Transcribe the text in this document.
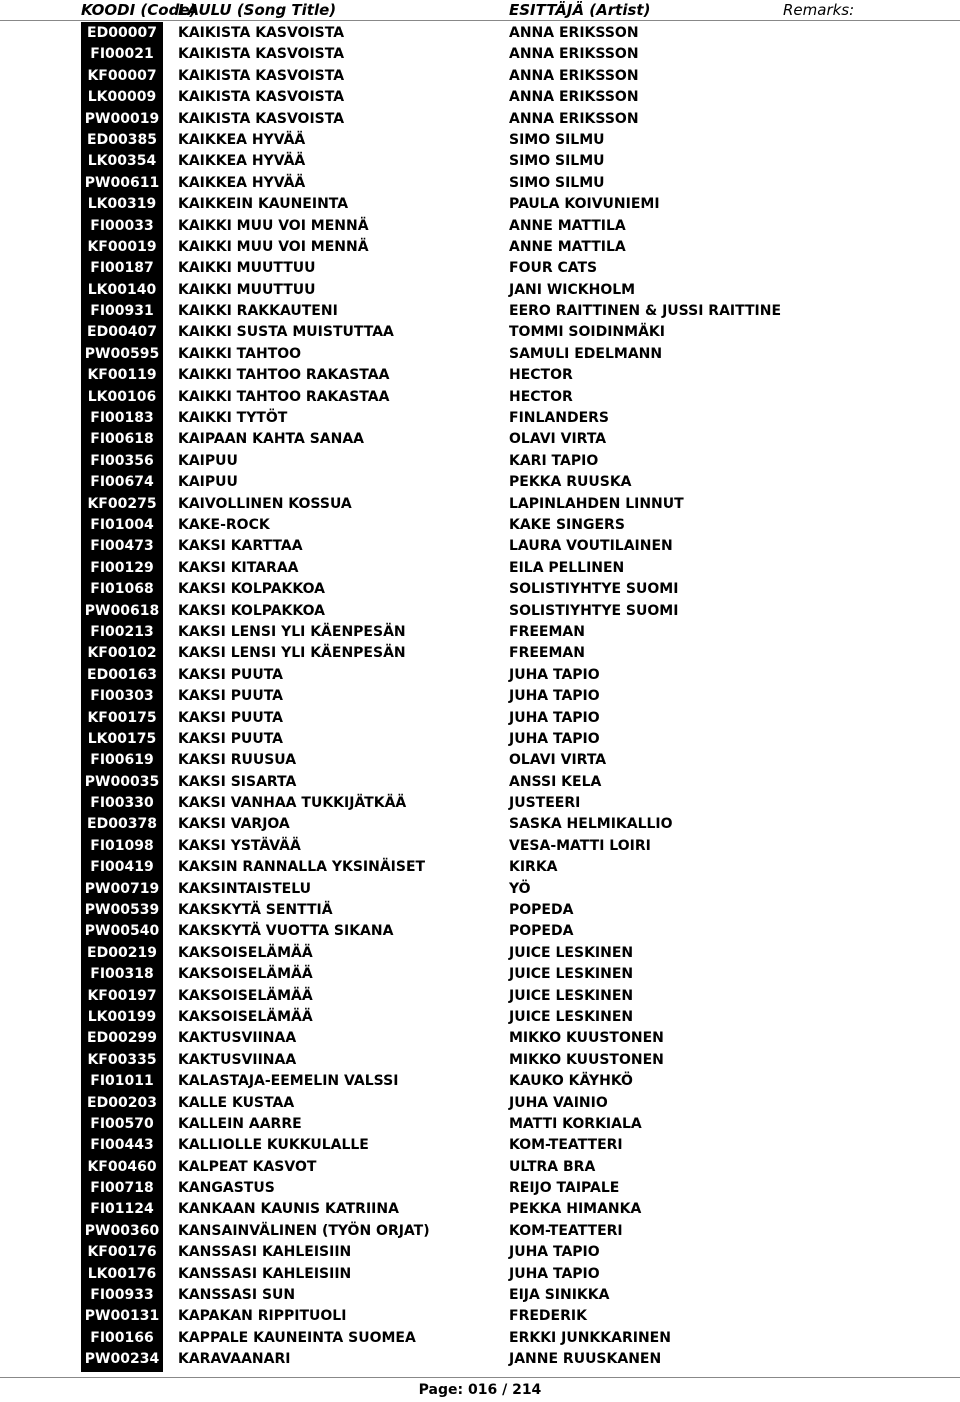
KOODI (Code)
LAULU (Song Title)	ESITTÄJÄ (Artist)	Remarks:
ED00007	KAIKISTA KASVOISTA	ANNA ERIKSSON
FI00021	KAIKISTA KASVOISTA	ANNA ERIKSSON
KF00007	KAIKISTA KASVOISTA	ANNA ERIKSSON
LK00009	KAIKISTA KASVOISTA	ANNA ERIKSSON
PW00019 KAIKISTA KASVOISTA	ANNA ERIKSSON
ED00385	KAIKKEA HYVÄÄ	SIMO SILMU
LK00354	KAIKKEA HYVÄÄ	SIMO SILMU
PW00611 KAIKKEA HYVÄÄ	SIMO SILMU
LK00319	KAIKKEIN KAUNEINTA	PAULA KOIVUNIEMI
FI00033	KAIKKI MUU VOI MENNÄ	ANNE MATTILA
KF00019	KAIKKI MUU VOI MENNÄ	ANNE MATTILA
FI00187	KAIKKI MUUTTUU	FOUR CATS
LK00140	KAIKKI MUUTTUU	JANI WICKHOLM
FI00931	KAIKKI RAKKAUTENI	EERO RAITTINEN & JUSSI RAITTINE
ED00407	KAIKKI SUSTA MUISTUTTAA	TOMMI SOIDINMÄKI
PW00595 KAIKKI TAHTOO	SAMULI EDELMANN
KF00119	KAIKKI TAHTOO RAKASTAA	HECTOR
LK00106	KAIKKI TAHTOO RAKASTAA	HECTOR
FI00183	KAIKKI TYTÖT	FINLANDERS
FI00618	KAIPAAN KAHTA SANAA	OLAVI VIRTA
FI00356	KAIPUU	KARI TAPIO
FI00674	KAIPUU	PEKKA RUUSKA
KF00275	KAIVOLLINEN KOSSUA	LAPINLAHDEN LINNUT
FI01004	KAKE-ROCK	KAKE SINGERS
FI00473	KAKSI KARTTAA	LAURA VOUTILAINEN
FI00129	KAKSI KITARAA	EILA PELLINEN
FI01068	KAKSI KOLPAKKOA	SOLISTIYHTYE SUOMI
PW00618 KAKSI KOLPAKKOA	SOLISTIYHTYE SUOMI
FI00213	KAKSI LENSI YLI KÄENPESÄN	FREEMAN
KF00102	KAKSI LENSI YLI KÄENPESÄN	FREEMAN
ED00163	KAKSI PUUTA	JUHA TAPIO
FI00303	KAKSI PUUTA	JUHA TAPIO
KF00175	KAKSI PUUTA	JUHA TAPIO
LK00175	KAKSI PUUTA	JUHA TAPIO
FI00619	KAKSI RUUSUA	OLAVI VIRTA
PW00035 KAKSI SISARTA	ANSSI KELA
FI00330	KAKSI VANHAA TUKKIJÄTKÄÄ	JUSTEERI
ED00378	KAKSI VARJOA	SASKA HELMIKALLIO
FI01098	KAKSI YSTÄVÄÄ	VESA-MATTI LOIRI
FI00419	KAKSIN RANNALLA YKSINÄISET	KIRKA
PW00719 KAKSINTAISTELU	YÖ
PW00539 KAKSKYTÄ SENTTIÄ	POPEDA
PW00540 KAKSKYTÄ VUOTTA SIKANA	POPEDA
ED00219	KAKSOISELÄMÄÄ	JUICE LESKINEN
FI00318	KAKSOISELÄMÄÄ	JUICE LESKINEN
KF00197	KAKSOISELÄMÄÄ	JUICE LESKINEN
LK00199	KAKSOISELÄMÄÄ	JUICE LESKINEN
ED00299	KAKTUSVIINAA	MIKKO KUUSTONEN
KF00335	KAKTUSVIINAA	MIKKO KUUSTONEN
FI01011	KALASTAJA-EEMELIN VALSSI	KAUKO KÄYHKÖ
ED00203	KALLE KUSTAA	JUHA VAINIO
FI00570	KALLEIN AARRE	MATTI KORKIALA
FI00443	KALLIOLLE KUKKULALLE	KOM-TEATTERI
KF00460	KALPEAT KASVOT	ULTRA BRA
FI00718	KANGASTUS	REIJO TAIPALE
FI01124	KANKAAN KAUNIS KATRIINA	PEKKA HIMANKA
PW00360 KANSAINVÄLINEN (TYÖN ORJAT)	KOM-TEATTERI
KF00176	KANSSASI KAHLEISIIN	JUHA TAPIO
LK00176	KANSSASI KAHLEISIIN	JUHA TAPIO
FI00933	KANSSASI SUN	EIJA SINIKKA
PW00131 KAPAKAN RIPPITUOLI	FREDERIK
FI00166	KAPPALE KAUNEINTA SUOMEA	ERKKI JUNKKARINEN
PW00234 KARAVAANARI	JANNE RUUSKANEN
Page: 016 / 214
